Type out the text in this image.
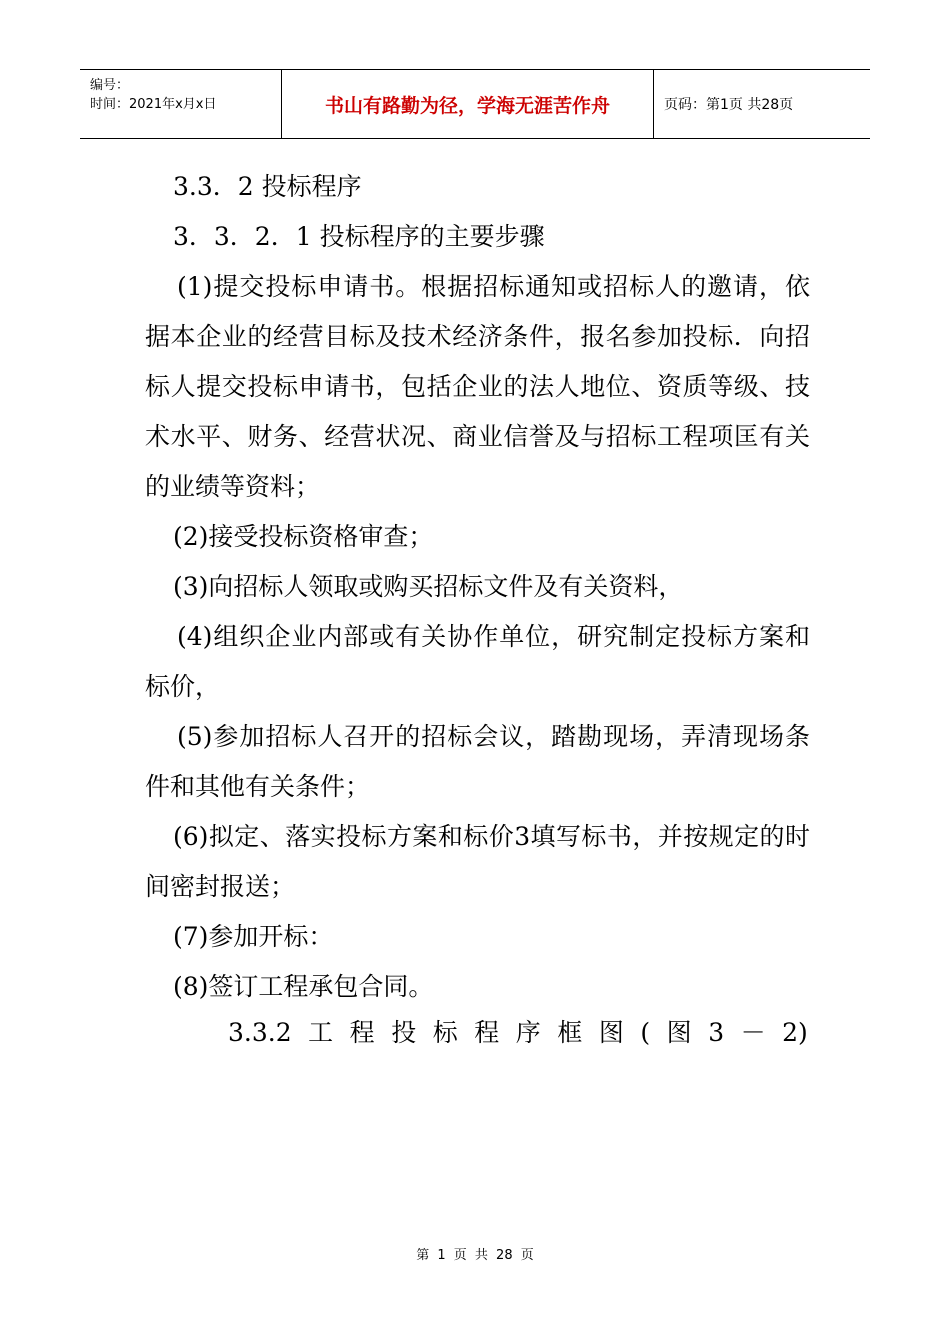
编号：
时间：2021年x月x日	书山有路勤为径，学海无涯苦作舟	页码：第1页 共28页

3.3．2 投标程序

3．3．2．1 投标程序的主要步骤

(1)提交投标申请书。根据招标通知或招标人的邀请，依据本企业的经营目标及技术经济条件，报名参加投标．向招标人提交投标申请书，包括企业的法人地位、资质等级、技术水平、财务、经营状况、商业信誉及与招标工程项匡有关的业绩等资料；

(2)接受投标资格审查；

(3)向招标人领取或购买招标文件及有关资料，

(4)组织企业内部或有关协作单位，研究制定投标方案和标价，

(5)参加招标人召开的招标会议，踏勘现场，弄清现场条件和其他有关条件；

(6)拟定、落实投标方案和标价3填写标书，并按规定的时间密封报送；

(7)参加开标：

(8)签订工程承包合同。

3.3.2 工 程 投 标 程 序 框 图 ( 图 3 － 2)
第 1 页 共 28 页
